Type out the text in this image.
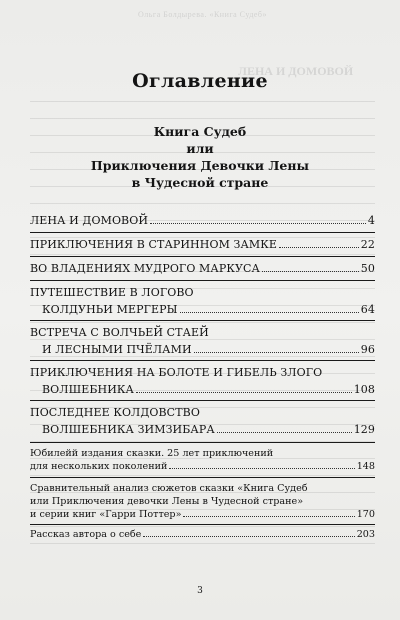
Ольга Болдырева. «Книга Судеб»
ЛЕНА И ДОМОВОЙ
Оглавление

Книга Судеб

или

Приключения Девочки Лены

в Чудесной стране

ЛЕНА И ДОМОВОЙ	4
ПРИКЛЮЧЕНИЯ В СТАРИННОМ ЗАМКЕ	22
ВО ВЛАДЕНИЯХ МУДРОГО МАРКУСА	50
ПУТЕШЕСТВИЕ В ЛОГОВО
КОЛДУНЬИ МЕРГЕРЫ	64
ВСТРЕЧА С ВОЛЧЬЕЙ СТАЕЙ
И ЛЕСНЫМИ ПЧЁЛАМИ	96
ПРИКЛЮЧЕНИЯ НА БОЛОТЕ И ГИБЕЛЬ ЗЛОГО
ВОЛШЕБНИКА	108
ПОСЛЕДНЕЕ КОЛДОВСТВО
ВОЛШЕБНИКА ЗИМЗИБАРА	129
Юбилейй издания сказки. 25 лет приключений
для нескольких поколений	148
Сравнительный анализ сюжетов сказки «Книга Судеб
или Приключения девочки Лены в Чудесной стране»
и серии книг «Гарри Поттер»	170
Рассказ автора о себе	203
3
